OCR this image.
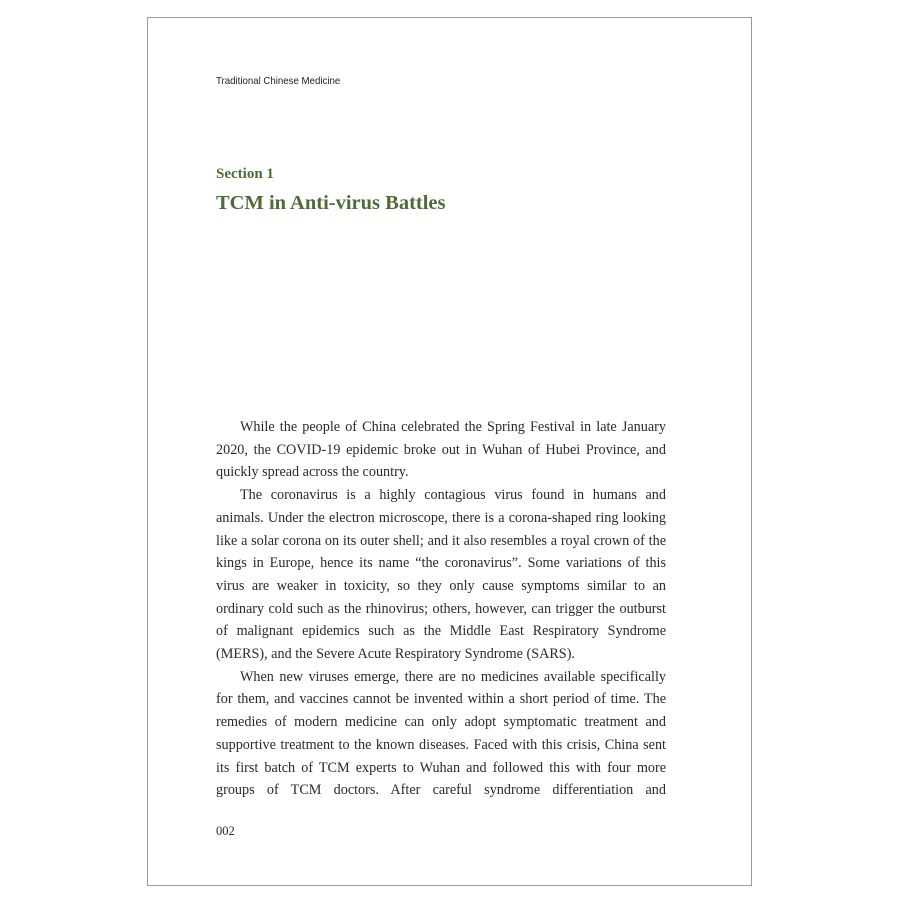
Traditional Chinese Medicine
Section 1
TCM in Anti-virus Battles

While the people of China celebrated the Spring Festival in late January 2020, the COVID-19 epidemic broke out in Wuhan of Hubei Province, and quickly spread across the country.

The coronavirus is a highly contagious virus found in humans and animals. Under the electron microscope, there is a corona-shaped ring looking like a solar corona on its outer shell; and it also resembles a royal crown of the kings in Europe, hence its name “the coronavirus”. Some variations of this virus are weaker in toxicity, so they only cause symptoms similar to an ordinary cold such as the rhinovirus; others, however, can trigger the outburst of malignant epidemics such as the Middle East Respiratory Syndrome (MERS), and the Severe Acute Respiratory Syndrome (SARS).

When new viruses emerge, there are no medicines available specifically for them, and vaccines cannot be invented within a short period of time. The remedies of modern medicine can only adopt symptomatic treatment and supportive treatment to the known diseases. Faced with this crisis, China sent its first batch of TCM experts to Wuhan and followed this with four more groups of TCM doctors. After careful syndrome differentiation and

002
